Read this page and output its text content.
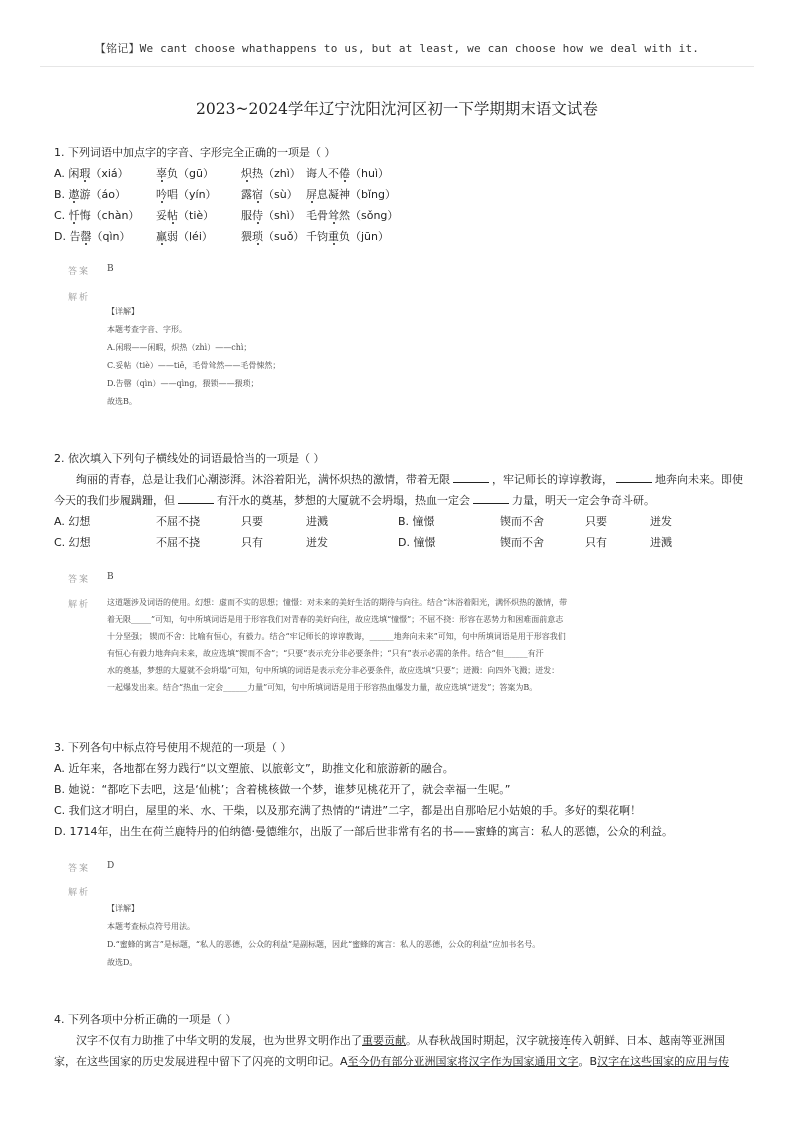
【铭记】We cant choose whathappens to us, but at least, we can choose how we deal with it.
2023~2024学年辽宁沈阳沈河区初一下学期期末语文试卷
1. 下列词语中加点字的字音、字形完全正确的一项是（ ）
A. 闲瑕（xiá） 辜负（gū） 炽热（zhì） 诲人不倦（huì）
B. 遨游（áo）	吟唱（yín） 露宿（sù） 屏息凝神（bǐng）
C. 忏悔（chàn） 妥帖（tiè） 服侍（shì） 毛骨耸然（sǒng）
D. 告罄（qìn） 羸弱（léi）	猥琐（suǒ） 千钧重负（jūn）
答案 B
解析
【详解】
本题考查字音、字形。
A.闲瑕——闲暇，炽热（zhì）——chì；
C.妥帖（tiè）——tiē，毛骨耸然——毛骨悚然；
D.告罄（qìn）——qìng，猥锁——猥琐；
故选B。
2. 依次填入下列句子横线处的词语最恰当的一项是（ ）
绚丽的青春，总是让我们心潮澎湃。沐浴着阳光，满怀炽热的激情，带着无限	，牢记师长的谆谆教诲，	地奔向未来。即使
今天的我们步履蹒跚，但	有汗水的奠基，梦想的大厦就不会坍塌，热血一定会	力量，明天一定会争奇斗研。
A. 幻想	不屈不挠	只要	进溅	B. 憧憬	锲而不舍	只要	迸发
C. 幻想	不屈不挠	只有	迸发	D. 憧憬	锲而不舍	只有	进溅
答案 B
解析 这道题涉及词语的使用。幻想：虚而不实的思想；憧憬：对未来的美好生活的期待与向往。结合“沐浴着阳光，满怀炽热的激情，带
着无限_____”可知，句中所填词语是用于形容我们对青春的美好向往，故应选填“憧憬”；不屈不挠：形容在恶势力和困难面前意志
十分坚强； 锲而不舍：比喻有恒心，有毅力。结合“牢记师长的谆谆教诲，______地奔向未来”可知，句中所填词语是用于形容我们
有恒心有毅力地奔向未来，故应选填“锲而不舍”；“只要”表示充分非必要条件；“只有”表示必需的条件。结合“但______有汗
水的奠基，梦想的大厦就不会坍塌”可知，句中所填的词语是表示充分非必要条件，故应选填“只要”；迸溅：向四外飞溅；迸发：
一起爆发出来。结合“热血一定会______力量”可知，句中所填词语是用于形容热血爆发力量，故应选填“迸发”；答案为B。
3. 下列各句中标点符号使用不规范的一项是（ ）
A. 近年来，各地都在努力践行“以文塑旅、以旅彰文”，助推文化和旅游新的融合。
B. 她说：“都吃下去吧，这是‘仙桃’；含着桃核做一个梦，谁梦见桃花开了，就会幸福一生呢。”
C. 我们这才明白，屋里的米、水、干柴，以及那充满了热情的“请进”二字，都是出自那哈尼小姑娘的手。多好的梨花啊！
D. 1714年，出生在荷兰鹿特丹的伯纳德·曼德维尔，出版了一部后世非常有名的书——蜜蜂的寓言：私人的恶德，公众的利益。
答案 D
解析
【详解】
本题考查标点符号用法。
D.“蜜蜂的寓言”是标题，“私人的恶德，公众的利益”是副标题，因此“蜜蜂的寓言：私人的恶德，公众的利益”应加书名号。
故选D。
4. 下列各项中分析正确的一项是（ ）
汉字不仅有力助推了中华文明的发展，也为世界文明作出了重要贡献。从春秋战国时期起，汉字就接连传入朝鲜、日本、越南等亚洲国
家，在这些国家的历史发展进程中留下了闪亮的文明印记。A至今仍有部分亚洲国家将汉字作为国家通用文字。B汉字在这些国家的应用与传
